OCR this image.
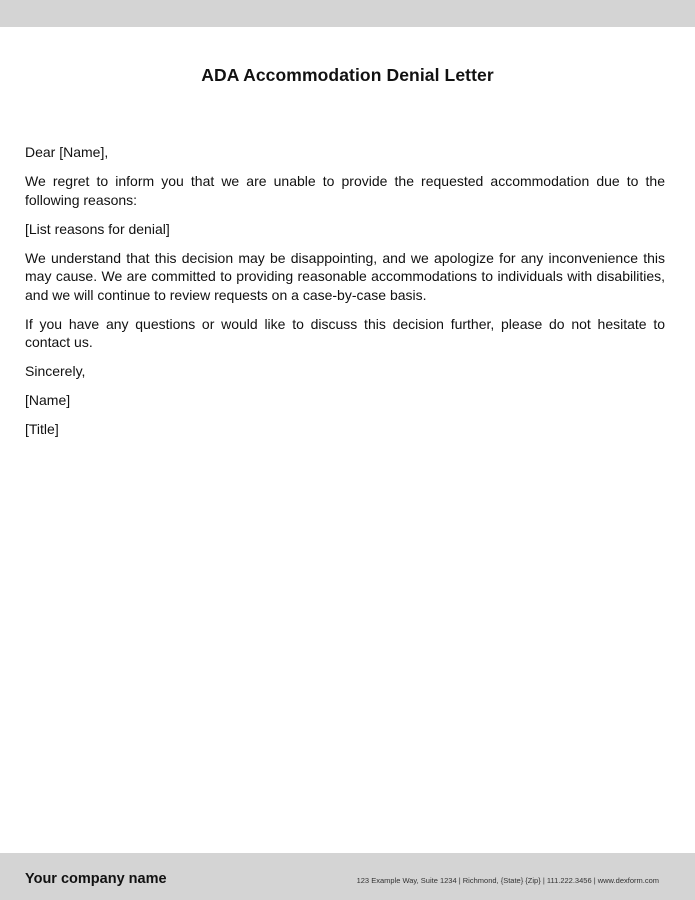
ADA Accommodation Denial Letter

Dear [Name],

We regret to inform you that we are unable to provide the requested accommodation due to the following reasons:

[List reasons for denial]

We understand that this decision may be disappointing, and we apologize for any inconvenience this may cause. We are committed to providing reasonable accommodations to individuals with disabilities, and we will continue to review requests on a case-by-case basis.

If you have any questions or would like to discuss this decision further, please do not hesitate to contact us.

Sincerely,

[Name]

[Title]

Your company name	123 Example Way, Suite 1234 | Richmond, {State} {Zip} | 111.222.3456 | www.dexform.com
